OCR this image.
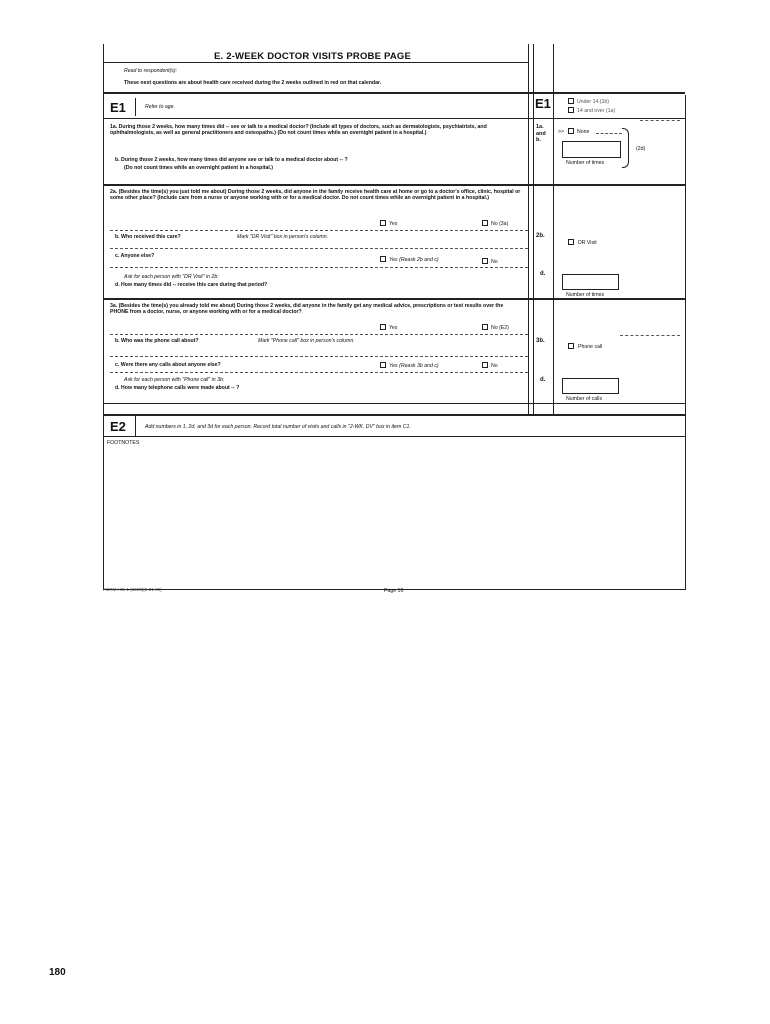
E. 2-WEEK DOCTOR VISITS PROBE PAGE
Read to respondent(s):
These next questions are about health care received during the 2 weeks outlined in red on that calendar.
E1	Refer to age.	E1	Under 14 (1b)
14 and over (1a)
1a. During those 2 weeks, how many times did -- see or talk to a medical doctor? (Include all types of doctors, such as dermatologists, psychiatrists, and ophthalmologists, as well as general practitioners and osteopaths.) (Do not count times while an overnight patient in a hospital.)
b. During those 2 weeks, how many times did anyone see or talk to a medical doctor about -- ?
(Do not count times while an overnight patient in a hospital.)
1a.
and
b.
>> None
Number of times
(2d)
2a. (Besides the time(s) you just told me about) During those 2 weeks, did anyone in the family receive health care at home or go to a doctor's office, clinic, hospital or some other place? (Include care from a nurse or anyone working with or for a medical doctor. Do not count times while an overnight patient in a hospital.)
Yes	No (3a)
b. Who received this care?	Mark "DR Visit" box in person's column.	2b.
DR Visit
c. Anyone else?
Yes (Reask 2b and c)	No
Ask for each person with "DR Visit" in 2b:
d. How many times did -- receive this care during that period?
d.
Number of times
3a. (Besides the time(s) you already told me about) During those 2 weeks, did anyone in the family get any medical advice, prescriptions or test results over the PHONE from a doctor, nurse, or anyone working with or for a medical doctor?
Yes	No (E2)
b. Who was the phone call about?	Mark "Phone call" box in person's column.	3b.
Phone call
c. Were there any calls about anyone else?	Yes (Reask 3b and c)	No
Ask for each person with "Phone call" in 3b:
d. How many telephone calls were made about -- ?
d.
Number of calls
E2	Add numbers in 1, 2d, and 3d for each person. Record total number of visits and calls in "2-WK. DV" box in item C1.
FOOTNOTES
FORM HIS-1 (1990)(1-21-89)	Page 16
180
